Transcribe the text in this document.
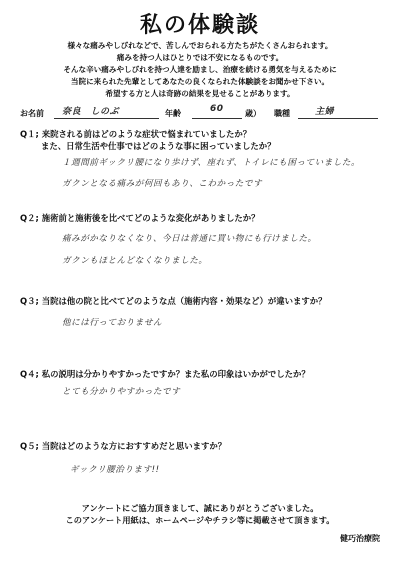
私の体験談
様々な痛みやしびれなどで、苦しんでおられる方たちがたくさんおられます。
痛みを持つ人はひとりでは不安になるものです。
そんな辛い痛みやしびれを持つ人達を励まし、治療を続ける勇気を与えるために
当院に来られた先輩としてあなたの良くなられた体験談をお聞かせ下さい。
希望する方と人は奇跡の結果を見せることがあります。
お名前 奈良　しのぶ	年齢	60	歳） 職種	主婦
Q１; 来院される前はどのような症状で悩まれていましたか？
また、日常生活や仕事ではどのような事に困っていましたか？
１週間前ギックリ腰になり歩けず、座れず、トイレにも困っていました。
ガクンとなる痛みが何回もあり、こわかったです
Q２; 施術前と施術後を比べてどのような変化がありましたか？
痛みがかなりなくなり、今日は普通に買い物にも行けました。
ガクンもほとんどなくなりました。
Q３; 当院は他の院と比べてどのような点（施術内容・効果など）が違いますか？
他には行っておりません
Q４; 私の説明は分かりやすかったですか？また私の印象はいかがでしたか？
とても分かりやすかったです
Q５; 当院はどのような方におすすめだと思いますか？
ギックリ腰治ります!!
アンケートにご協力頂きまして、誠にありがとうございました。
このアンケート用紙は、ホームページやチラシ等に掲載させて頂きます。
健巧治療院
